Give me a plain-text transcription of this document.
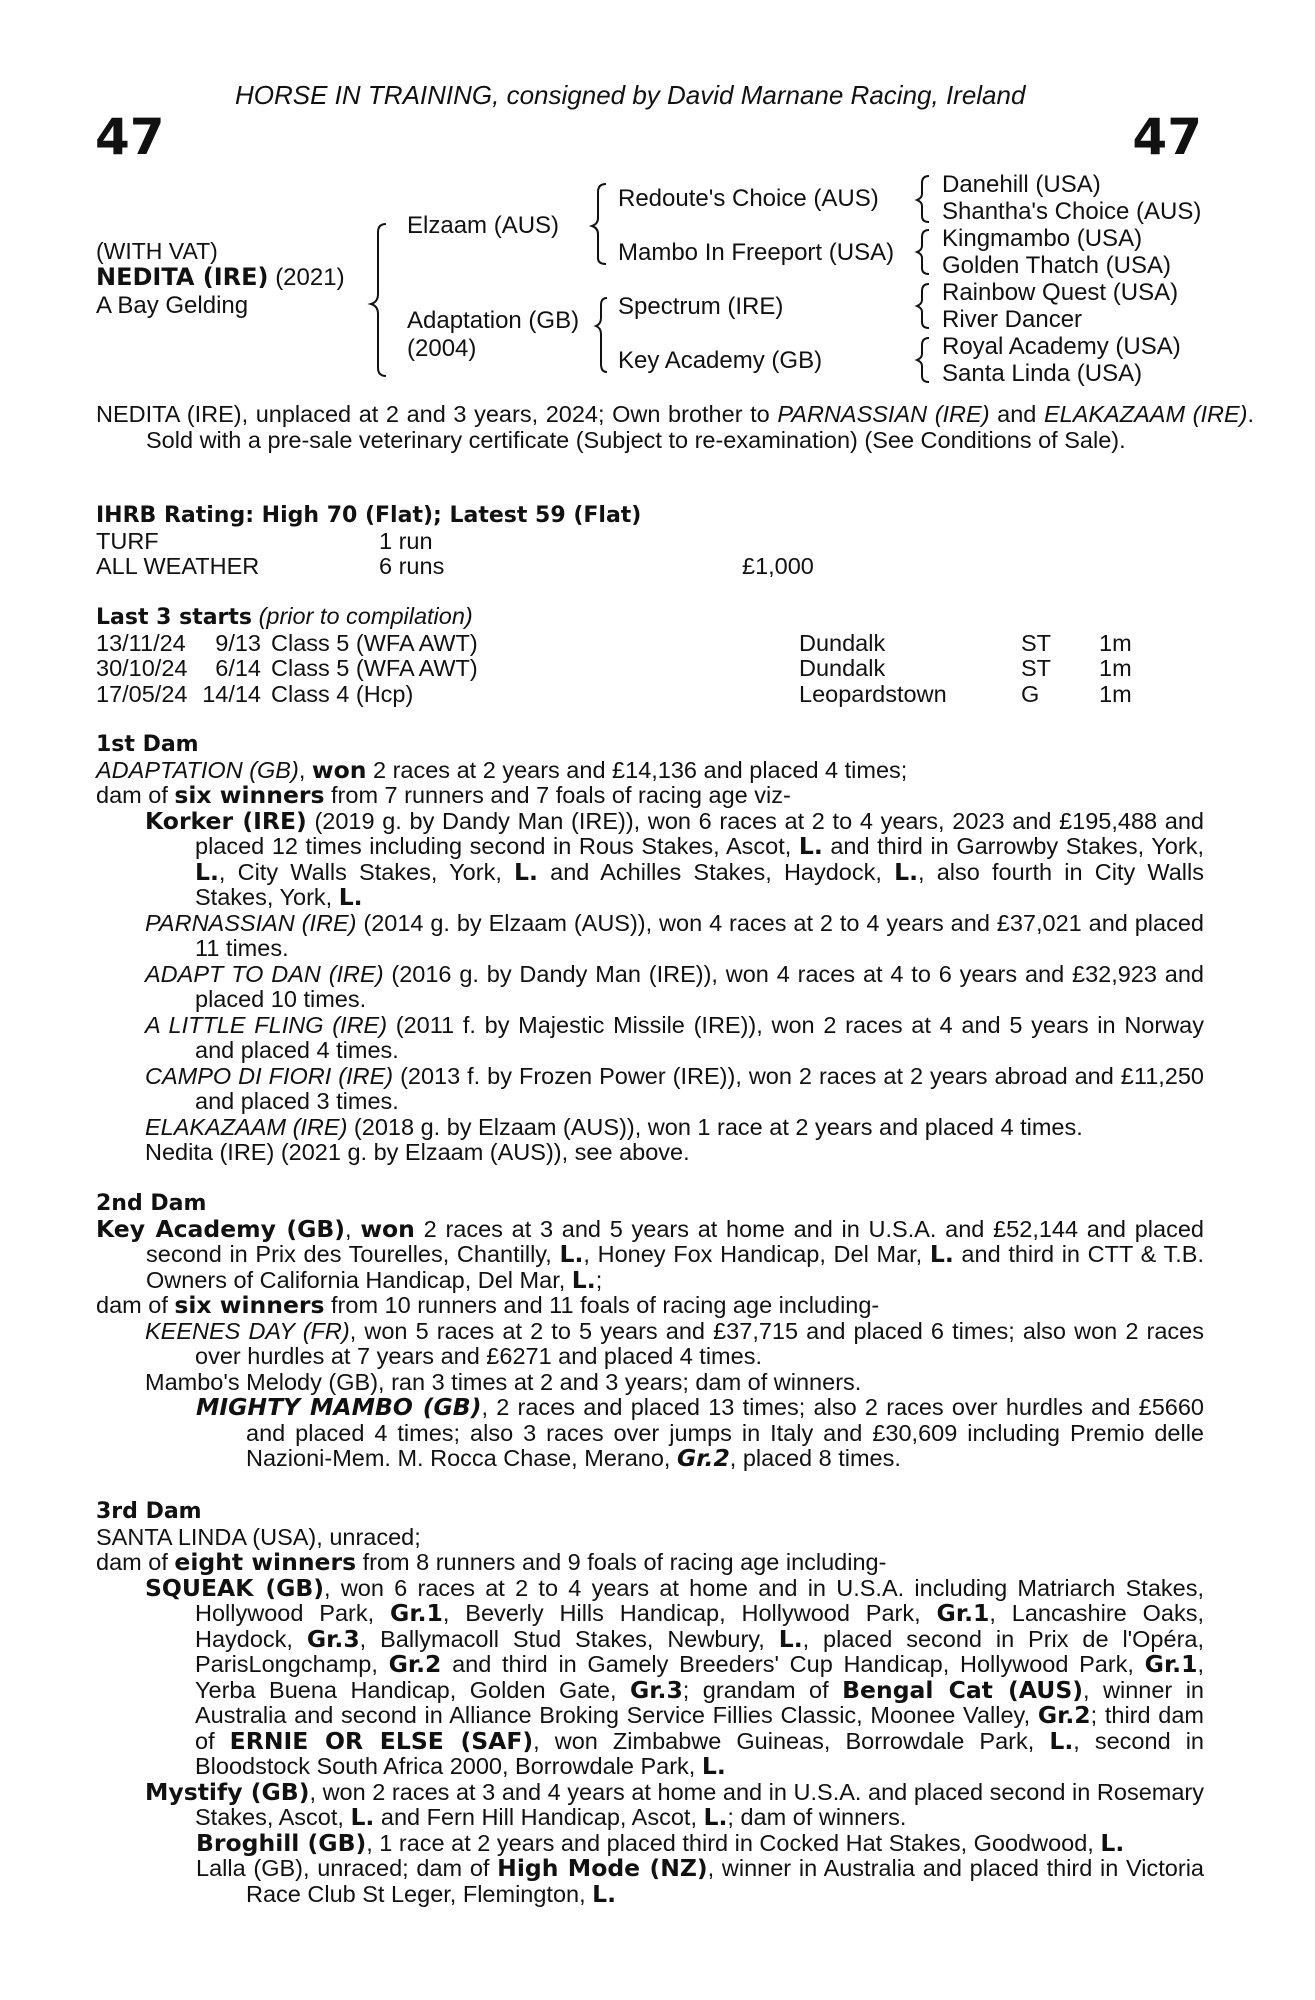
HORSE IN TRAINING, consigned by David Marnane Racing, Ireland
47	47
(WITH VAT)
NEDITA (IRE) (2021)
A Bay Gelding
Elzaam (AUS)
Adaptation (GB)
(2004)
Redoute's Choice (AUS)
Mambo In Freeport (USA)
Spectrum (IRE)
Key Academy (GB)
Danehill (USA)
Shantha's Choice (AUS)
Kingmambo (USA)
Golden Thatch (USA)
Rainbow Quest (USA)
River Dancer
Royal Academy (USA)
Santa Linda (USA)
NEDITA (IRE), unplaced at 2 and 3 years, 2024; Own brother to PARNASSIAN (IRE) and ELAKAZAAM (IRE). Sold with a pre-sale veterinary certificate (Subject to re-examination) (See Conditions of Sale).
IHRB Rating: High 70 (Flat); Latest 59 (Flat)
TURF	1 run
ALL WEATHER	6 runs	£1,000
Last 3 starts (prior to compilation)
13/11/24	9/13 Class 5 (WFA AWT)	Dundalk	ST	1m
30/10/24	6/14 Class 5 (WFA AWT)	Dundalk	ST	1m
17/05/24 14/14 Class 4 (Hcp)	Leopardstown	G	1m
1st Dam
ADAPTATION (GB), won 2 races at 2 years and £14,136 and placed 4 times;
dam of six winners from 7 runners and 7 foals of racing age viz-
Korker (IRE) (2019 g. by Dandy Man (IRE)), won 6 races at 2 to 4 years, 2023 and £195,488 and placed 12 times including second in Rous Stakes, Ascot, L. and third in Garrowby Stakes, York, L., City Walls Stakes, York, L. and Achilles Stakes, Haydock, L., also fourth in City Walls Stakes, York, L.
PARNASSIAN (IRE) (2014 g. by Elzaam (AUS)), won 4 races at 2 to 4 years and £37,021 and placed 11 times.
ADAPT TO DAN (IRE) (2016 g. by Dandy Man (IRE)), won 4 races at 4 to 6 years and £32,923 and placed 10 times.
A LITTLE FLING (IRE) (2011 f. by Majestic Missile (IRE)), won 2 races at 4 and 5 years in Norway and placed 4 times.
CAMPO DI FIORI (IRE) (2013 f. by Frozen Power (IRE)), won 2 races at 2 years abroad and £11,250 and placed 3 times.
ELAKAZAAM (IRE) (2018 g. by Elzaam (AUS)), won 1 race at 2 years and placed 4 times.
Nedita (IRE) (2021 g. by Elzaam (AUS)), see above.
2nd Dam
Key Academy (GB), won 2 races at 3 and 5 years at home and in U.S.A. and £52,144 and placed second in Prix des Tourelles, Chantilly, L., Honey Fox Handicap, Del Mar, L. and third in CTT & T.B. Owners of California Handicap, Del Mar, L.;
dam of six winners from 10 runners and 11 foals of racing age including-
KEENES DAY (FR), won 5 races at 2 to 5 years and £37,715 and placed 6 times; also won 2 races over hurdles at 7 years and £6271 and placed 4 times.
Mambo's Melody (GB), ran 3 times at 2 and 3 years; dam of winners.
MIGHTY MAMBO (GB), 2 races and placed 13 times; also 2 races over hurdles and £5660 and placed 4 times; also 3 races over jumps in Italy and £30,609 including Premio delle Nazioni-Mem. M. Rocca Chase, Merano, Gr.2, placed 8 times.
3rd Dam
SANTA LINDA (USA), unraced;
dam of eight winners from 8 runners and 9 foals of racing age including-
SQUEAK (GB), won 6 races at 2 to 4 years at home and in U.S.A. including Matriarch Stakes, Hollywood Park, Gr.1, Beverly Hills Handicap, Hollywood Park, Gr.1, Lancashire Oaks, Haydock, Gr.3, Ballymacoll Stud Stakes, Newbury, L., placed second in Prix de l'Opéra, ParisLongchamp, Gr.2 and third in Gamely Breeders' Cup Handicap, Hollywood Park, Gr.1, Yerba Buena Handicap, Golden Gate, Gr.3; grandam of Bengal Cat (AUS), winner in Australia and second in Alliance Broking Service Fillies Classic, Moonee Valley, Gr.2; third dam of ERNIE OR ELSE (SAF), won Zimbabwe Guineas, Borrowdale Park, L., second in Bloodstock South Africa 2000, Borrowdale Park, L.
Mystify (GB), won 2 races at 3 and 4 years at home and in U.S.A. and placed second in Rosemary Stakes, Ascot, L. and Fern Hill Handicap, Ascot, L.; dam of winners.
Broghill (GB), 1 race at 2 years and placed third in Cocked Hat Stakes, Goodwood, L.
Lalla (GB), unraced; dam of High Mode (NZ), winner in Australia and placed third in Victoria Race Club St Leger, Flemington, L.
